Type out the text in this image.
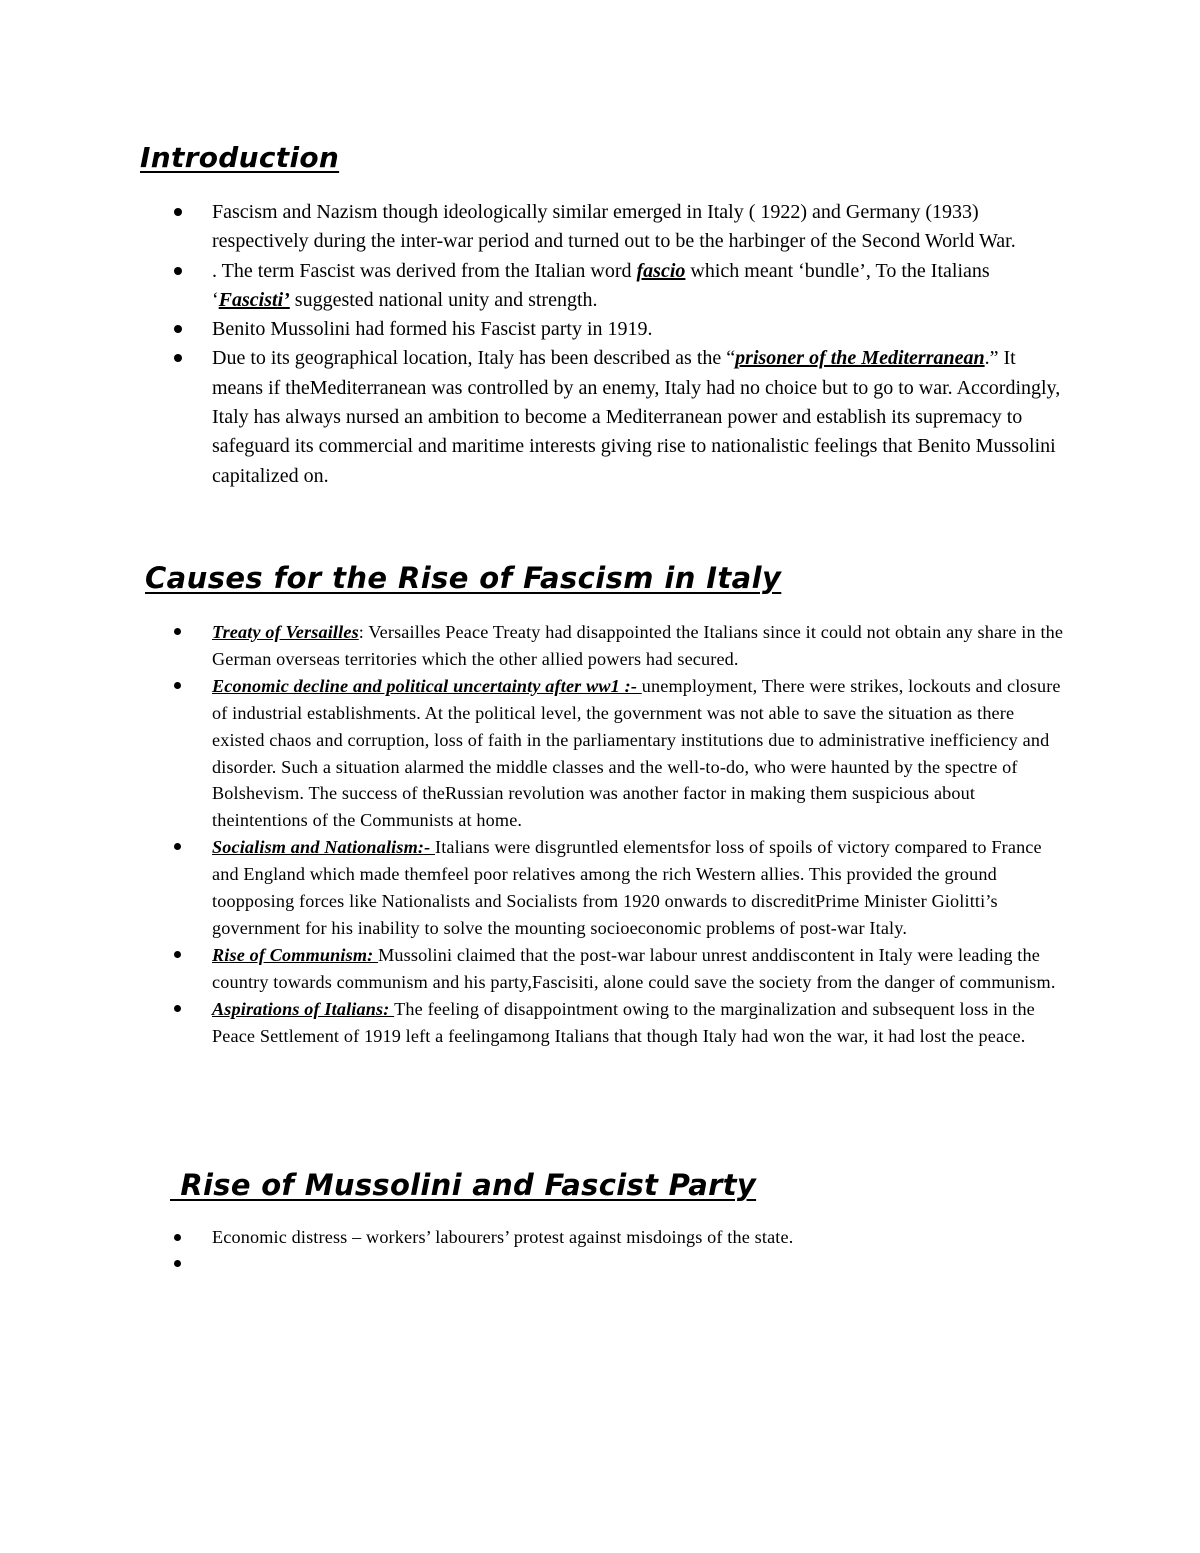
Introduction
Fascism and Nazism though ideologically similar emerged in Italy ( 1922) and Germany (1933) respectively during the inter-war period and turned out to be the harbinger of the Second World War.
. The term Fascist was derived from the Italian word fascio which meant ‘bundle’, To the Italians ‘Fascisti’ suggested national unity and strength.
Benito Mussolini had formed his Fascist party in 1919.
Due to its geographical location, Italy has been described as the “prisoner of the Mediterranean.” It means if theMediterranean was controlled by an enemy, Italy had no choice but to go to war. Accordingly, Italy has always nursed an ambition to become a Mediterranean power and establish its supremacy to safeguard its commercial and maritime interests giving rise to nationalistic feelings that Benito Mussolini capitalized on.
Causes for the Rise of Fascism in Italy
Treaty of Versailles: Versailles Peace Treaty had disappointed the Italians since it could not obtain any share in the German overseas territories which the other allied powers had secured.
Economic decline and political uncertainty after ww1 :- unemployment, There were strikes, lockouts and closure of industrial establishments. At the political level, the government was not able to save the situation as there existed chaos and corruption, loss of faith in the parliamentary institutions due to administrative inefficiency and disorder. Such a situation alarmed the middle classes and the well-to-do, who were haunted by the spectre of Bolshevism. The success of theRussian revolution was another factor in making them suspicious about theintentions of the Communists at home.
Socialism and Nationalism:- Italians were disgruntled elementsfor loss of spoils of victory compared to France and England which made themfeel poor relatives among the rich Western allies. This provided the ground toopposing forces like Nationalists and Socialists from 1920 onwards to discreditPrime Minister Giolitti’s government for his inability to solve the mounting socioeconomic problems of post-war Italy.
Rise of Communism: Mussolini claimed that the post-war labour unrest anddiscontent in Italy were leading the country towards communism and his party,Fascisiti, alone could save the society from the danger of communism.
Aspirations of Italians: The feeling of disappointment owing to the marginalization and subsequent loss in the Peace Settlement of 1919 left a feelingamong Italians that though Italy had won the war, it had lost the peace.
Rise of Mussolini and Fascist Party
Economic distress – workers’ labourers’ protest against misdoings of the state.
